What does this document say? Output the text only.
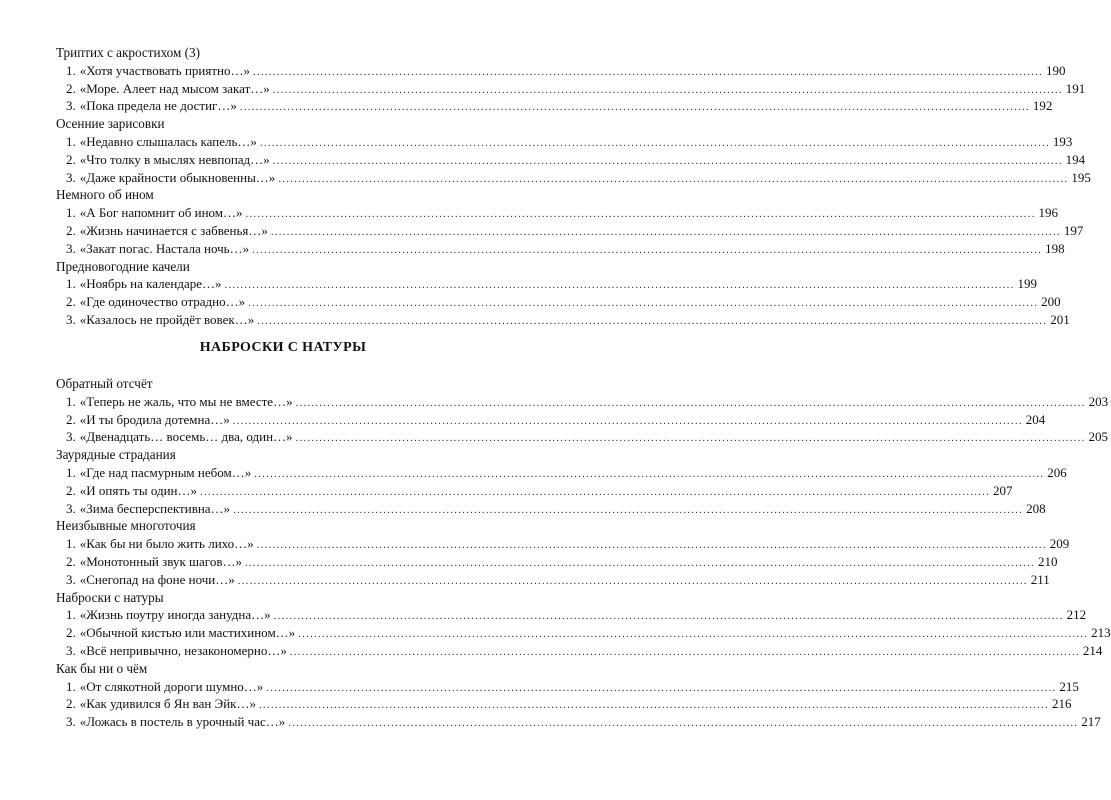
Триптих с акростихом (3)
1. «Хотя участвовать приятно…» ........................................................................................................................................................................................................ 190
2. «Море. Алеет над мысом закат…» ........................................................................................................................................................................................................ 191
3. «Пока предела не достиг…» ........................................................................................................................................................................................................ 192
Осенние зарисовки
1. «Недавно слышалась капель…» ........................................................................................................................................................................................................ 193
2. «Что толку в мыслях невпопад…» ........................................................................................................................................................................................................ 194
3. «Даже крайности обыкновенны…» ........................................................................................................................................................................................................ 195
Немного об ином
1. «А Бог напомнит об ином…» ........................................................................................................................................................................................................ 196
2. «Жизнь начинается с забвенья…» ........................................................................................................................................................................................................ 197
3. «Закат погас. Настала ночь…» ........................................................................................................................................................................................................ 198
Предновогодние качели
1. «Ноябрь на календаре…» ........................................................................................................................................................................................................ 199
2. «Где одиночество отрадно…» ........................................................................................................................................................................................................ 200
3. «Казалось не пройдёт вовек…» ........................................................................................................................................................................................................ 201
НАБРОСКИ С НАТУРЫ
Обратный отсчёт
1. «Теперь не жаль, что мы не вместе…» ........................................................................................................................................................................................................ 203
2. «И ты бродила дотемна…» ........................................................................................................................................................................................................ 204
3. «Двенадцать… восемь… два, один…» ........................................................................................................................................................................................................ 205
Заурядные страдания
1. «Где над пасмурным небом…» ........................................................................................................................................................................................................ 206
2. «И опять ты один…» ........................................................................................................................................................................................................ 207
3. «Зима бесперспективна…» ........................................................................................................................................................................................................ 208
Неизбывные многоточия
1. «Как бы ни было жить лихо…» ........................................................................................................................................................................................................ 209
2. «Монотонный звук шагов…» ........................................................................................................................................................................................................ 210
3. «Снегопад на фоне ночи…» ........................................................................................................................................................................................................ 211
Наброски с натуры
1. «Жизнь поутру иногда занудна…» ........................................................................................................................................................................................................ 212
2. «Обычной кистью или мастихином…» ........................................................................................................................................................................................................ 213
3. «Всё непривычно, незакономерно…» ........................................................................................................................................................................................................ 214
Как бы ни о чём
1. «От слякотной дороги шумно…» ........................................................................................................................................................................................................ 215
2. «Как удивился б Ян ван Эйк…» ........................................................................................................................................................................................................ 216
3. «Ложась в постель в урочный час…» ........................................................................................................................................................................................................ 217
